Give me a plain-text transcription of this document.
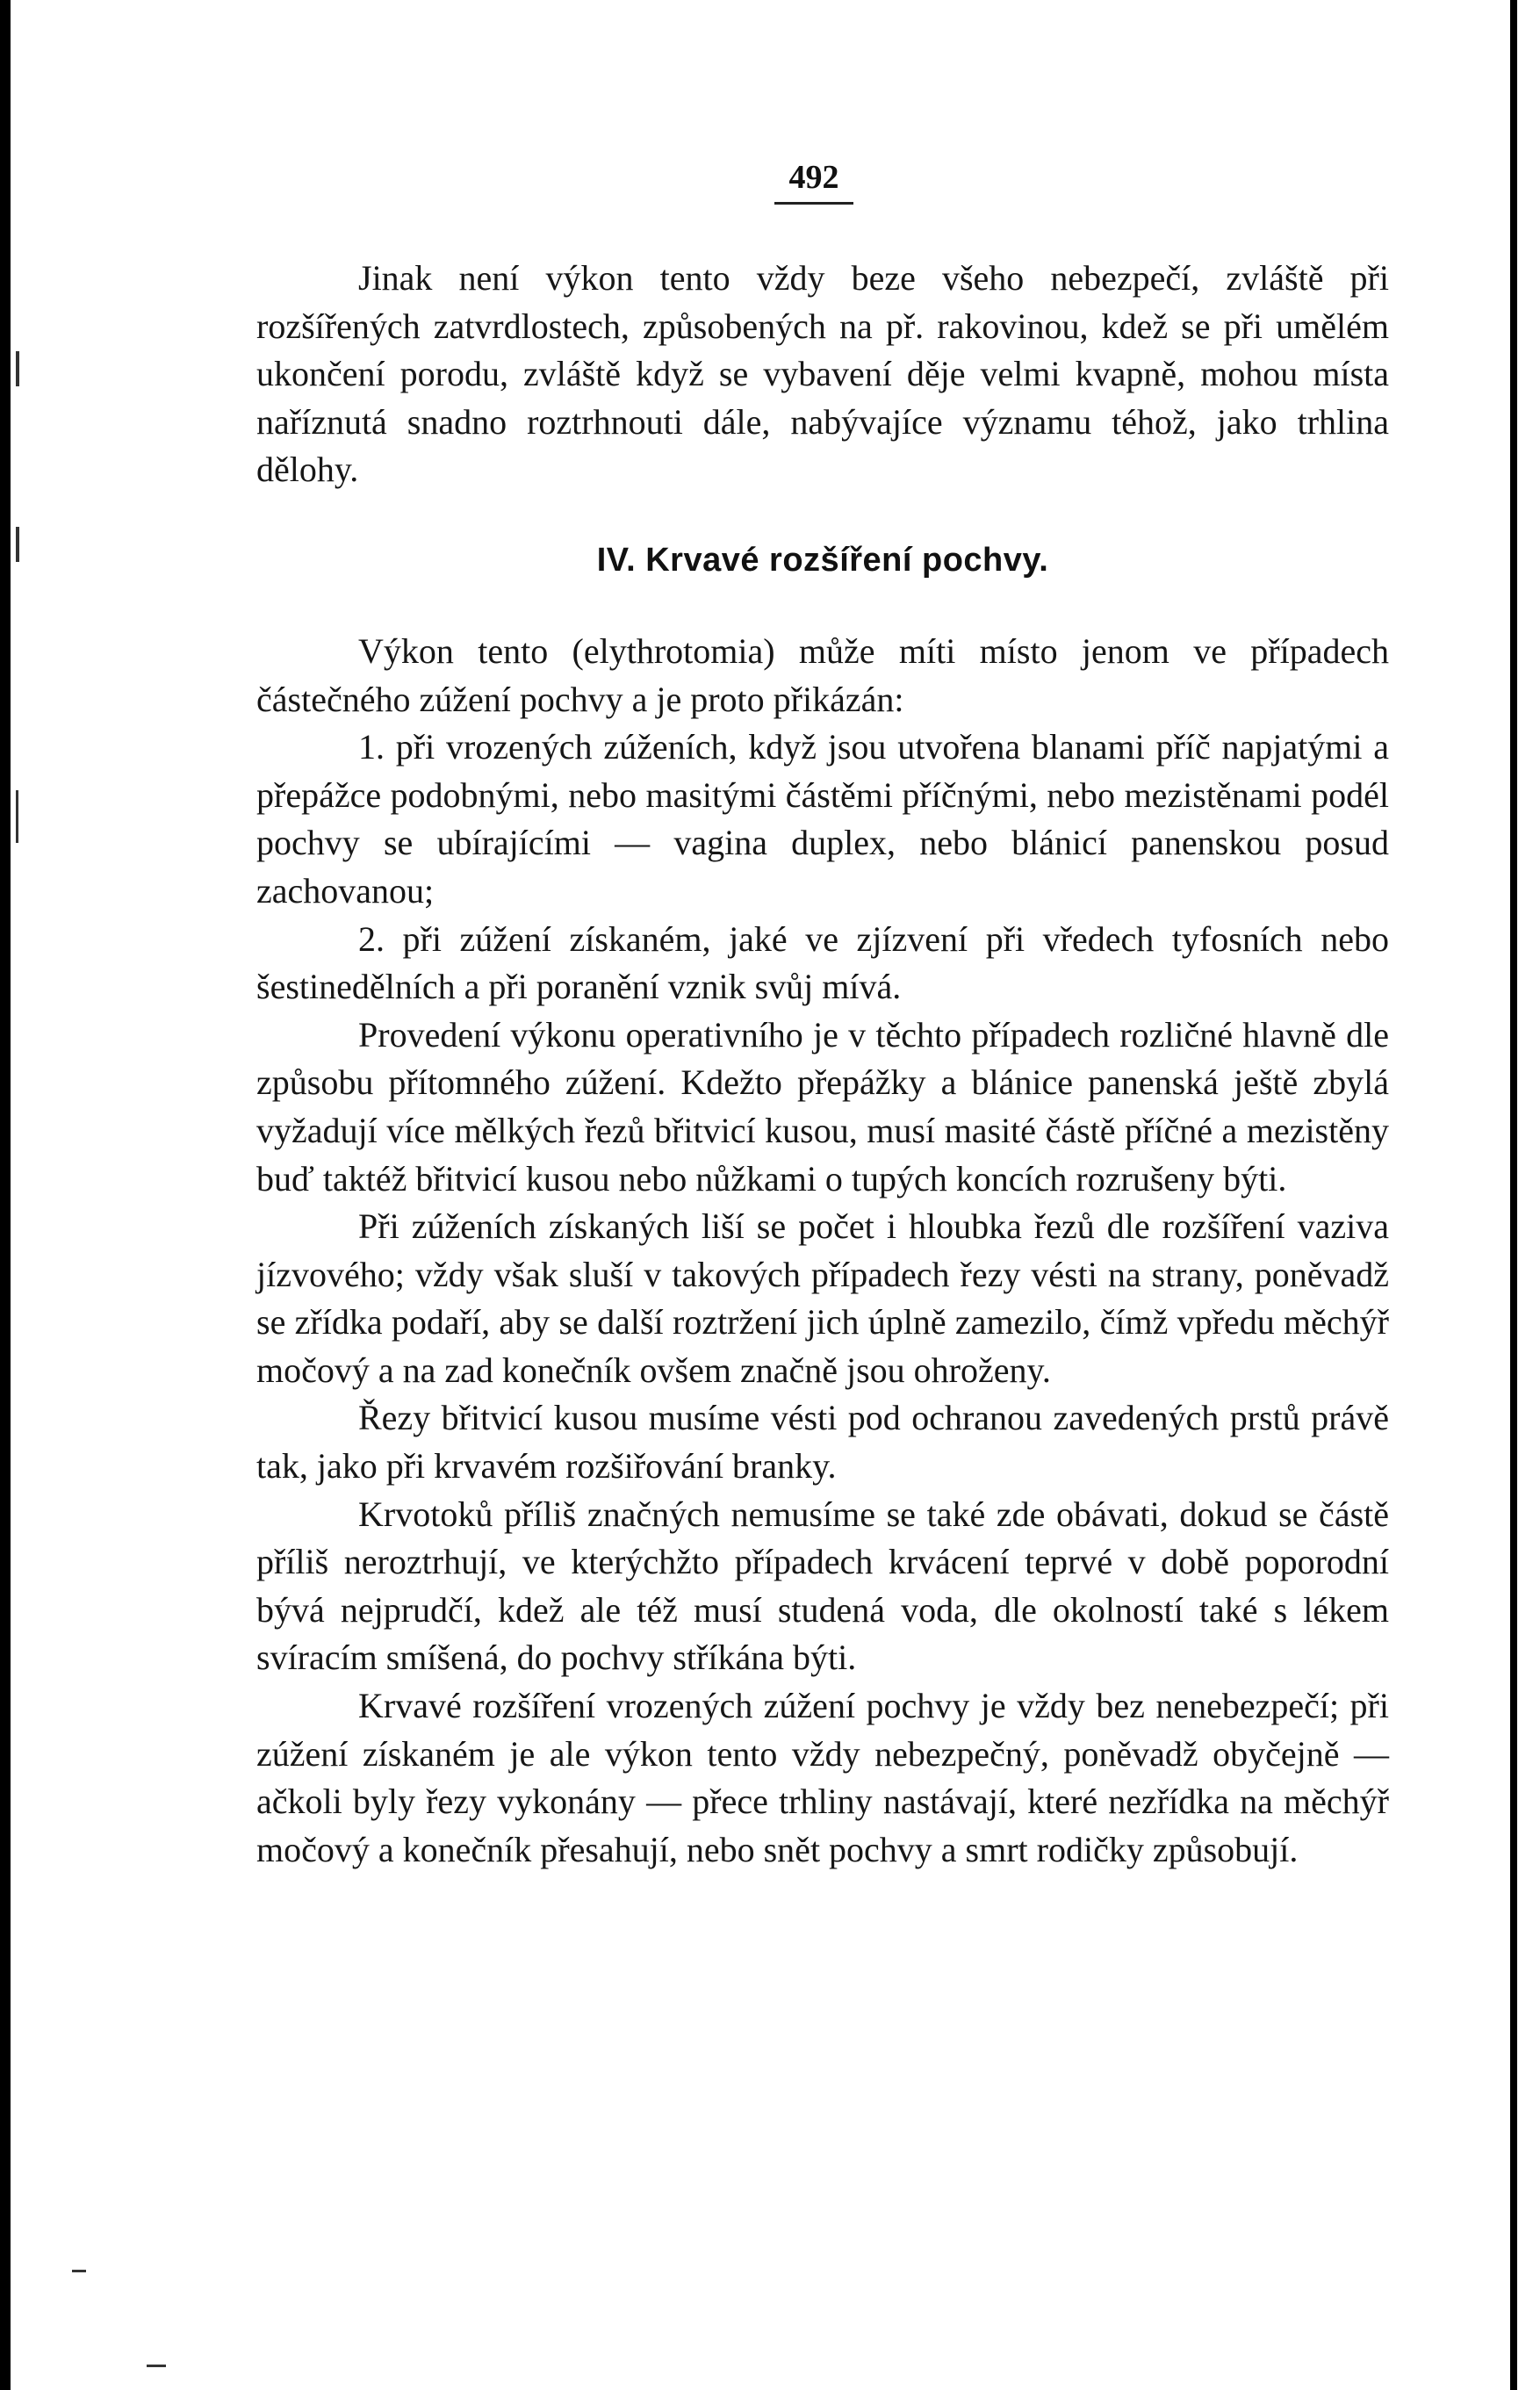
492

Jinak není výkon tento vždy beze všeho nebezpečí, zvláště při rozšířených zatvrdlostech, způsobených na př. rakovinou, kdež se při umělém ukončení porodu, zvláště když se vybavení děje velmi kvapně, mohou místa naříznutá snadno roztrhnouti dále, nabývajíce významu téhož, jako trhlina dělohy.

IV. Krvavé rozšíření pochvy.

Výkon tento (elythrotomia) může míti místo jenom ve případech částečného zúžení pochvy a je proto přikázán:

1. při vrozených zúženích, když jsou utvořena blanami příč napjatými a přepážce podobnými, nebo masitými částěmi příčnými, nebo mezistěnami podél pochvy se ubírajícími — vagina duplex, nebo blánicí panenskou posud zachovanou;

2. při zúžení získaném, jaké ve zjízvení při vředech tyfosních nebo šestinedělních a při poranění vznik svůj mívá.

Provedení výkonu operativního je v těchto případech rozličné hlavně dle způsobu přítomného zúžení. Kdežto přepážky a blánice panenská ještě zbylá vyžadují více mělkých řezů břitvicí kusou, musí masité částě příčné a mezistěny buď taktéž břitvicí kusou nebo nůžkami o tupých koncích rozrušeny býti.

Při zúženích získaných liší se počet i hloubka řezů dle rozšíření vaziva jízvového; vždy však sluší v takových případech řezy vésti na strany, poněvadž se zřídka podaří, aby se další roztržení jich úplně zamezilo, čímž vpředu měchýř močový a na zad konečník ovšem značně jsou ohroženy.

Řezy břitvicí kusou musíme vésti pod ochranou zavedených prstů právě tak, jako při krvavém rozšiřování branky.

Krvotoků příliš značných nemusíme se také zde obávati, dokud se částě příliš neroztrhují, ve kterýchžto případech krvácení teprvé v době poporodní bývá nejprudčí, kdež ale též musí studená voda, dle okolností také s lékem svíracím smíšená, do pochvy stříkána býti.

Krvavé rozšíření vrozených zúžení pochvy je vždy bez nenebezpečí; při zúžení získaném je ale výkon tento vždy nebezpečný, poněvadž obyčejně — ačkoli byly řezy vykonány — přece trhliny nastávají, které nezřídka na měchýř močový a konečník přesahují, nebo snět pochvy a smrt rodičky způsobují.
